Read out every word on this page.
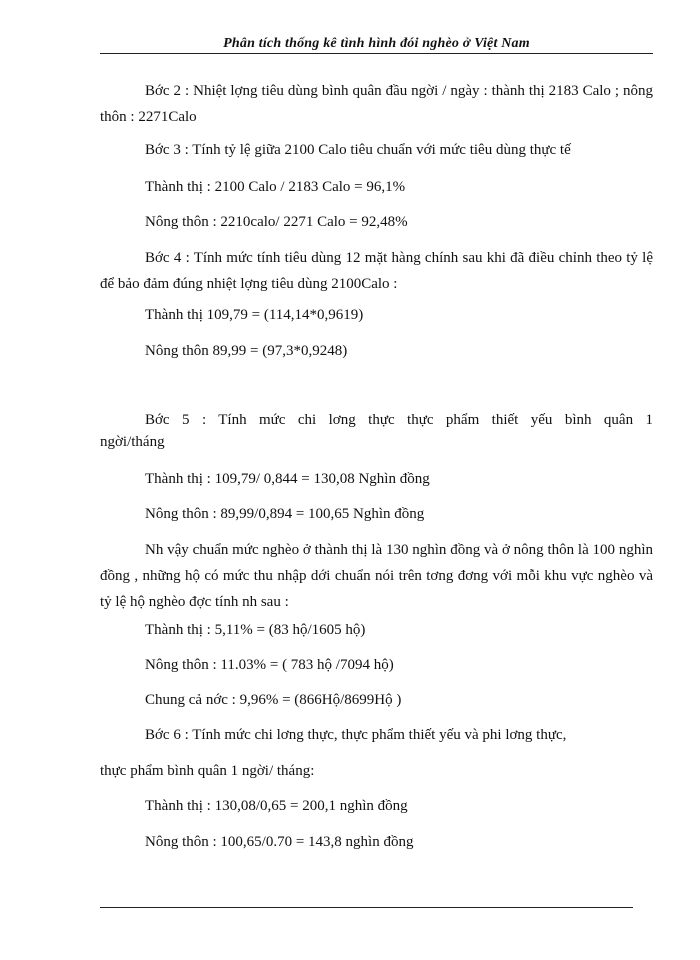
Phân tích thống kê tình hình đói nghèo ở Việt Nam

Bớc 2 : Nhiệt lợng tiêu dùng bình quân đầu ngời / ngày : thành thị 2183 Calo ; nông thôn : 2271Calo

Bớc 3 : Tính tỷ lệ giữa 2100 Calo tiêu chuẩn với mức tiêu dùng thực tế

Thành thị : 2100 Calo / 2183 Calo = 96,1%

Nông thôn : 2210calo/ 2271 Calo = 92,48%

Bớc 4 : Tính mức tính tiêu dùng 12 mặt hàng chính sau khi đã điều chỉnh theo tỷ lệ để bảo đảm đúng nhiệt lợng tiêu dùng 2100Calo :

Thành thị 109,79 = (114,14*0,9619)

Nông thôn 89,99 = (97,3*0,9248)

Bớc 5 : Tính mức chi lơng thực thực phẩm thiết yếu bình quân 1

ngời/tháng

Thành thị : 109,79/ 0,844 = 130,08 Nghìn đồng

Nông thôn : 89,99/0,894 = 100,65 Nghìn đồng

Nh vậy chuẩn mức nghèo ở thành thị là 130 nghìn đồng và ở nông thôn là 100 nghìn đồng , những hộ có mức thu nhập dới chuẩn nói trên tơng đơng với mỗi khu vực nghèo và tỷ lệ hộ nghèo đợc tính nh sau :

Thành thị : 5,11% = (83 hộ/1605 hộ)

Nông thôn : 11.03% = ( 783 hộ /7094 hộ)

Chung cả nớc : 9,96% = (866Hộ/8699Hộ )

Bớc 6 : Tính mức chi lơng thực, thực phẩm thiết yếu và phi lơng thực,

thực phẩm bình quân 1 ngời/ tháng:

Thành thị : 130,08/0,65 = 200,1 nghìn đồng

Nông thôn : 100,65/0.70 = 143,8 nghìn đồng
